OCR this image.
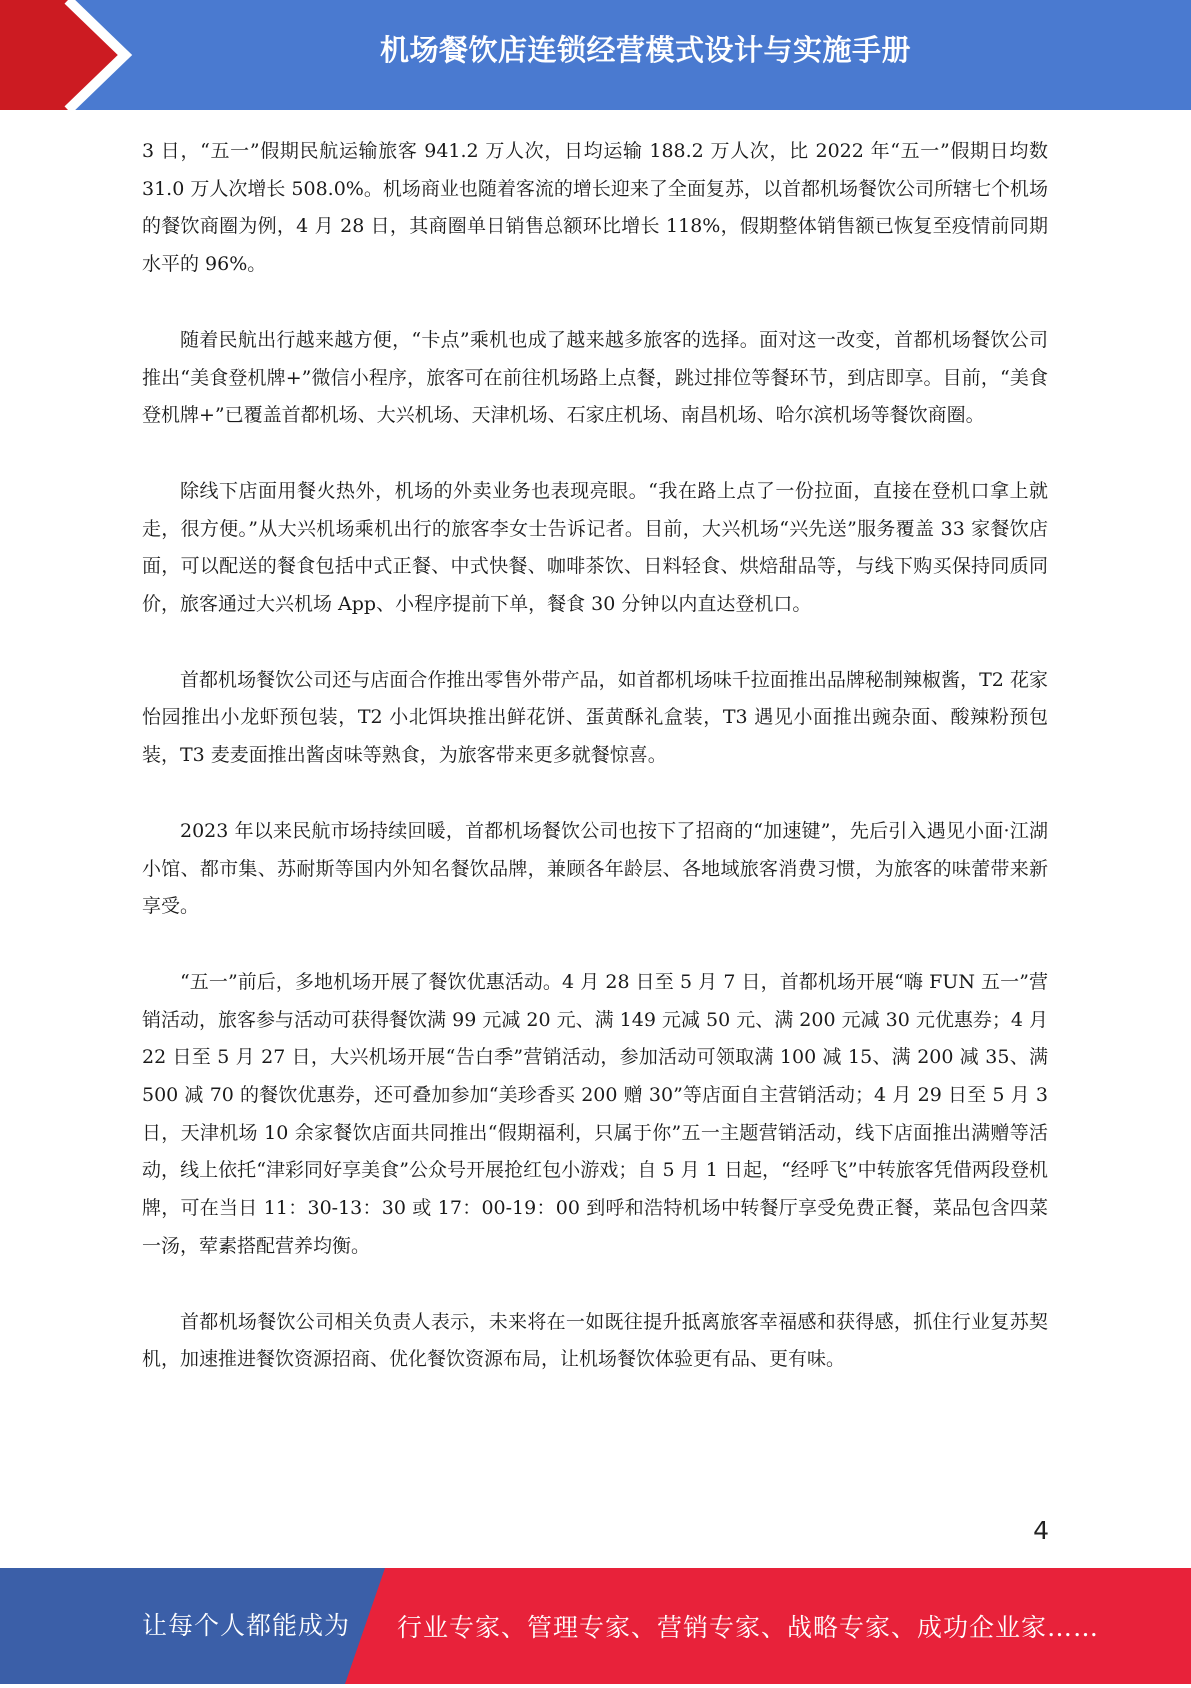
机场餐饮店连锁经营模式设计与实施手册

3 日，“五一”假期民航运输旅客 941.2 万人次，日均运输 188.2 万人次，比 2022 年“五一”假期日均数 31.0 万人次增长 508.0%。机场商业也随着客流的增长迎来了全面复苏，以首都机场餐饮公司所辖七个机场的餐饮商圈为例，4 月 28 日，其商圈单日销售总额环比增长 118%，假期整体销售额已恢复至疫情前同期水平的 96%。

随着民航出行越来越方便，“卡点”乘机也成了越来越多旅客的选择。面对这一改变，首都机场餐饮公司推出“美食登机牌+”微信小程序，旅客可在前往机场路上点餐，跳过排位等餐环节，到店即享。目前，“美食登机牌+”已覆盖首都机场、大兴机场、天津机场、石家庄机场、南昌机场、哈尔滨机场等餐饮商圈。

除线下店面用餐火热外，机场的外卖业务也表现亮眼。“我在路上点了一份拉面，直接在登机口拿上就走，很方便。”从大兴机场乘机出行的旅客李女士告诉记者。目前，大兴机场“兴先送”服务覆盖 33 家餐饮店面，可以配送的餐食包括中式正餐、中式快餐、咖啡茶饮、日料轻食、烘焙甜品等，与线下购买保持同质同价，旅客通过大兴机场 App、小程序提前下单，餐食 30 分钟以内直达登机口。

首都机场餐饮公司还与店面合作推出零售外带产品，如首都机场味千拉面推出品牌秘制辣椒酱，T2 花家怡园推出小龙虾预包装，T2 小北饵块推出鲜花饼、蛋黄酥礼盒装，T3 遇见小面推出豌杂面、酸辣粉预包装，T3 麦麦面推出酱卤味等熟食，为旅客带来更多就餐惊喜。

2023 年以来民航市场持续回暖，首都机场餐饮公司也按下了招商的“加速键”，先后引入遇见小面·江湖小馆、都市集、苏耐斯等国内外知名餐饮品牌，兼顾各年龄层、各地域旅客消费习惯，为旅客的味蕾带来新享受。

“五一”前后，多地机场开展了餐饮优惠活动。4 月 28 日至 5 月 7 日，首都机场开展“嗨 FUN 五一”营销活动，旅客参与活动可获得餐饮满 99 元减 20 元、满 149 元减 50 元、满 200 元减 30 元优惠券；4 月 22 日至 5 月 27 日，大兴机场开展“告白季”营销活动，参加活动可领取满 100 减 15、满 200 减 35、满 500 减 70 的餐饮优惠券，还可叠加参加“美珍香买 200 赠 30”等店面自主营销活动；4 月 29 日至 5 月 3 日，天津机场 10 余家餐饮店面共同推出“假期福利，只属于你”五一主题营销活动，线下店面推出满赠等活动，线上依托“津彩同好享美食”公众号开展抢红包小游戏；自 5 月 1 日起，“经呼飞”中转旅客凭借两段登机牌，可在当日 11：30-13：30 或 17：00-19：00 到呼和浩特机场中转餐厅享受免费正餐，菜品包含四菜一汤，荤素搭配营养均衡。

首都机场餐饮公司相关负责人表示，未来将在一如既往提升抵离旅客幸福感和获得感，抓住行业复苏契机，加速推进餐饮资源招商、优化餐饮资源布局，让机场餐饮体验更有品、更有味。

4
让每个人都能成为 行业专家、管理专家、营销专家、战略专家、成功企业家……
